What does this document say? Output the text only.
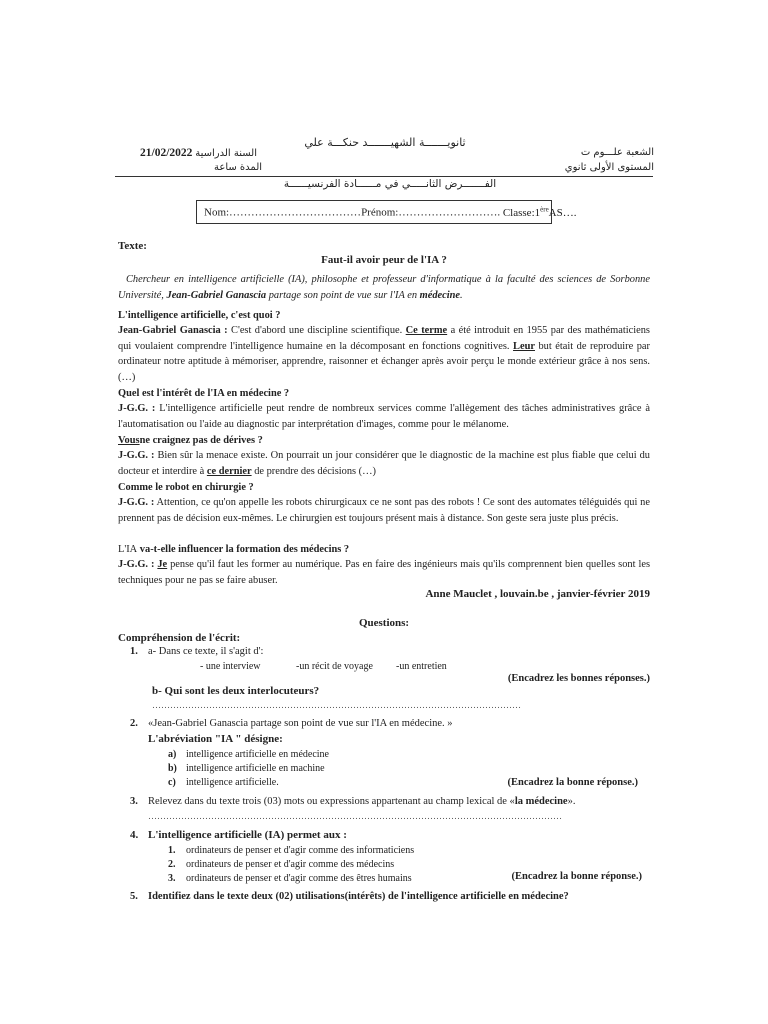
ثانويـــــــة الشهيـــــــد حنكـــة علي
21/02/2022 السنة الدراسية
المدة ساعة
الشعبة علـــوم ت
المستوى الأولى ثانوي
الفـــــــرض الثانـــــي في مــــــادة الفرنسيــــــة
Nom:………………………………Prénom:………………………. Classe:1èreAS….
Texte:
Faut-il avoir peur de l'IA ?
Chercheur en intelligence artificielle (IA), philosophe et professeur d'informatique à la faculté des sciences de Sorbonne Université, Jean-Gabriel Ganascia partage son point de vue sur l'IA en médecine.
L'intelligence artificielle, c'est quoi ?
Jean-Gabriel Ganascia : C'est d'abord une discipline scientifique. Ce terme a été introduit en 1955 par des mathématiciens qui voulaient comprendre l'intelligence humaine en la décomposant en fonctions cognitives. Leur but était de reproduire par ordinateur notre aptitude à mémoriser, apprendre, raisonner et échanger après avoir perçu le monde extérieur grâce à nos sens. (…)
Quel est l'intérêt de l'IA en médecine ?
J-G.G. : L'intelligence artificielle peut rendre de nombreux services comme l'allègement des tâches administratives grâce à l'automatisation ou l'aide au diagnostic par interprétation d'images, comme pour le mélanome.
Vousne craignez pas de dérives ?
J-G.G. : Bien sûr la menace existe. On pourrait un jour considérer que le diagnostic de la machine est plus fiable que celui du docteur et interdire à ce dernier de prendre des décisions (…)
Comme le robot en chirurgie ?
J-G.G. : Attention, ce qu'on appelle les robots chirurgicaux ce ne sont pas des robots ! Ce sont des automates téléguidés qui ne prennent pas de décision eux-mêmes. Le chirurgien est toujours présent mais à distance. Son geste sera juste plus précis.
L'IA va-t-elle influencer la formation des médecins ?
J-G.G. : Je pense qu'il faut les former au numérique. Pas en faire des ingénieurs mais qu'ils comprennent bien quelles sont les techniques pour ne pas se faire abuser.
Anne Mauclet , louvain.be , janvier-février 2019
Questions:
Compréhension de l'écrit:
1. a- Dans ce texte, il s'agit d':
- une interview	-un récit de voyage -un entretien
(Encadrez les bonnes réponses.)
b- Qui sont les deux interlocuteurs?
……………………………………………………………………………………………………………
2. «Jean-Gabriel Ganascia partage son point de vue sur l'IA en médecine. »
L'abréviation "IA " désigne:
a) intelligence artificielle en médecine
b) intelligence artificielle en machine
c) intelligence artificielle.	(Encadrez la bonne réponse.)
3. Relevez dans du texte trois (03) mots ou expressions appartenant au champ lexical de «la médecine».
…………………………………………………………………………………………………………………………
4. L'intelligence artificielle (IA) permet aux :
1. ordinateurs de penser et d'agir comme des informaticiens
2. ordinateurs de penser et d'agir comme des médecins
3. ordinateurs de penser et d'agir comme des êtres humains	(Encadrez la bonne réponse.)
5. Identifiez dans le texte deux (02) utilisations(intérêts) de l'intelligence artificielle en médecine?
